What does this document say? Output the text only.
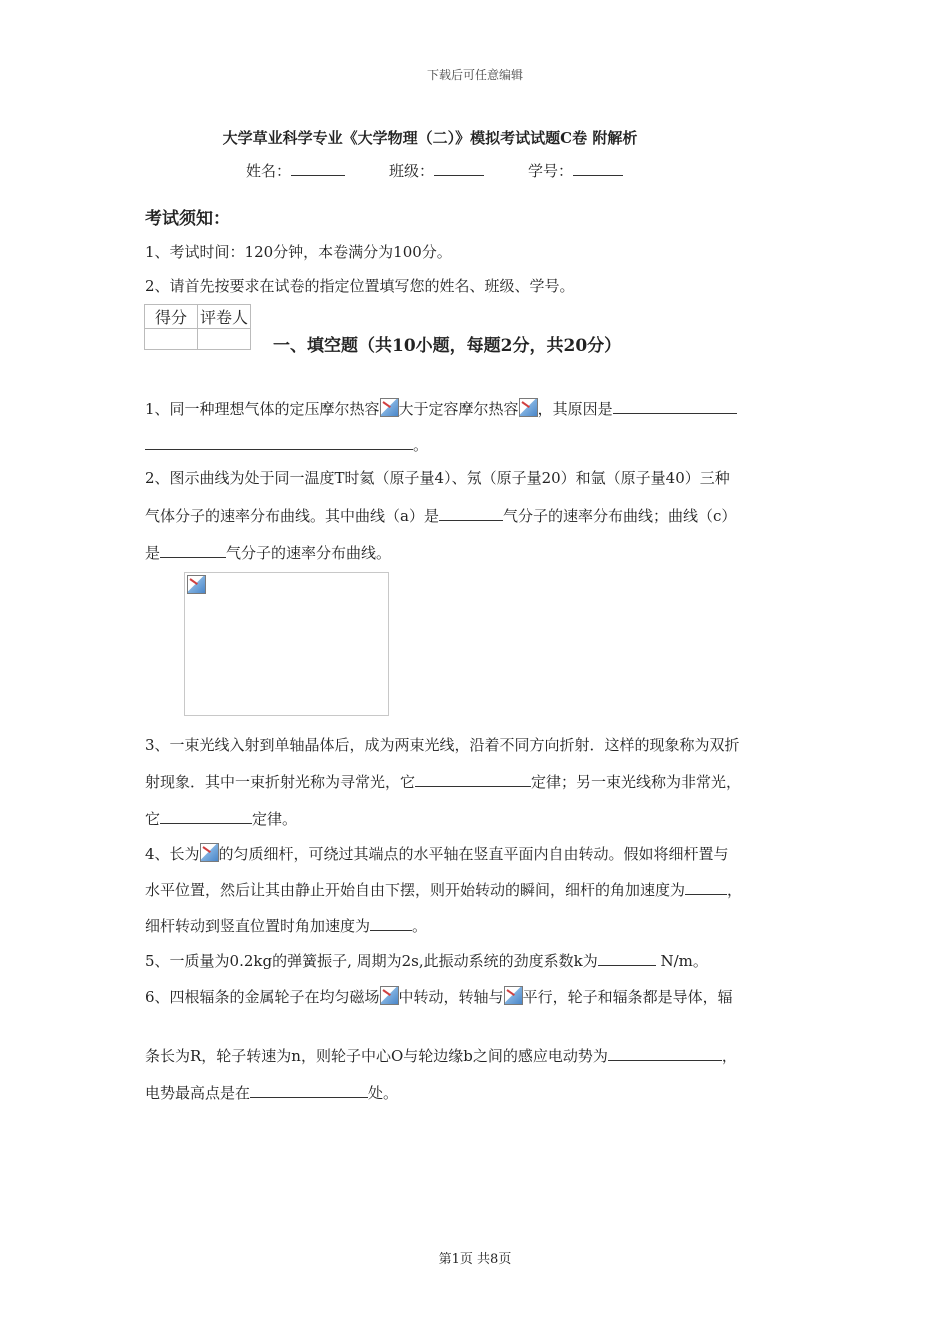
下载后可任意编辑
大学草业科学专业《大学物理（二）》模拟考试试题C卷 附解析
姓名：	班级：	学号：
考试须知：
1、考试时间：120分钟，本卷满分为100分。
2、请首先按要求在试卷的指定位置填写您的姓名、班级、学号。
得分	评卷人

一、填空题（共10小题，每题2分，共20分）
1、同一种理想气体的定压摩尔热容 大于定容摩尔热容 ，其原因是
。
2、图示曲线为处于同一温度T时氦（原子量4）、氖（原子量20）和氩（原子量40）三种
气体分子的速率分布曲线。其中曲线（a）是	气分子的速率分布曲线；曲线（c）
是	气分子的速率分布曲线。
3、一束光线入射到单轴晶体后，成为两束光线，沿着不同方向折射．这样的现象称为双折
射现象．其中一束折射光称为寻常光，它	定律；另一束光线称为非常光，
它	定律。
4、长为 的匀质细杆，可绕过其端点的水平轴在竖直平面内自由转动。假如将细杆置与
水平位置，然后让其由静止开始自由下摆，则开始转动的瞬间，细杆的角加速度为	，
细杆转动到竖直位置时角加速度为	。
5、一质量为0.2kg的弹簧振子, 周期为2s,此振动系统的劲度系数k为	N/m。
6、四根辐条的金属轮子在均匀磁场 中转动，转轴与 平行，轮子和辐条都是导体，辐
条长为R，轮子转速为n，则轮子中心O与轮边缘b之间的感应电动势为	，
电势最高点是在	处。
第1页 共8页
